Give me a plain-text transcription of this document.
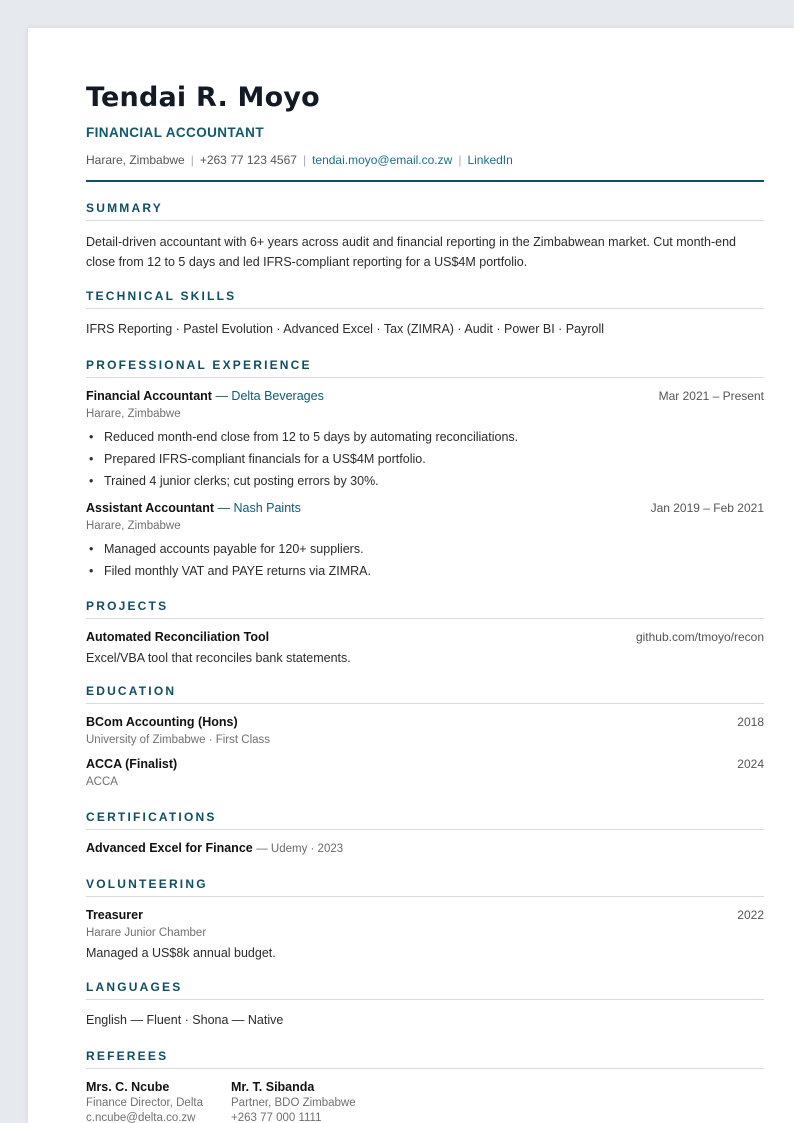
Tendai R. Moyo
FINANCIAL ACCOUNTANT
Harare, Zimbabwe | +263 77 123 4567 | tendai.moyo@email.co.zw | LinkedIn
SUMMARY
Detail-driven accountant with 6+ years across audit and financial reporting in the Zimbabwean market. Cut month-end
close from 12 to 5 days and led IFRS-compliant reporting for a US$4M portfolio.
TECHNICAL SKILLS
IFRS Reporting · Pastel Evolution · Advanced Excel · Tax (ZIMRA) · Audit · Power BI · Payroll
PROFESSIONAL EXPERIENCE
Financial Accountant — Delta Beverages	Mar 2021 – Present
Harare, Zimbabwe
• Reduced month-end close from 12 to 5 days by automating reconciliations.
• Prepared IFRS-compliant financials for a US$4M portfolio.
• Trained 4 junior clerks; cut posting errors by 30%.
Assistant Accountant — Nash Paints	Jan 2019 – Feb 2021
Harare, Zimbabwe
• Managed accounts payable for 120+ suppliers.
• Filed monthly VAT and PAYE returns via ZIMRA.
PROJECTS
Automated Reconciliation Tool	github.com/tmoyo/recon
Excel/VBA tool that reconciles bank statements.
EDUCATION
BCom Accounting (Hons)	2018
University of Zimbabwe · First Class
ACCA (Finalist)	2024
ACCA
CERTIFICATIONS
Advanced Excel for Finance — Udemy · 2023
VOLUNTEERING
Treasurer	2022
Harare Junior Chamber
Managed a US$8k annual budget.
LANGUAGES
English — Fluent · Shona — Native
REFEREES
Mrs. C. Ncube
Finance Director, Delta
c.ncube@delta.co.zw
Mr. T. Sibanda
Partner, BDO Zimbabwe
+263 77 000 1111
